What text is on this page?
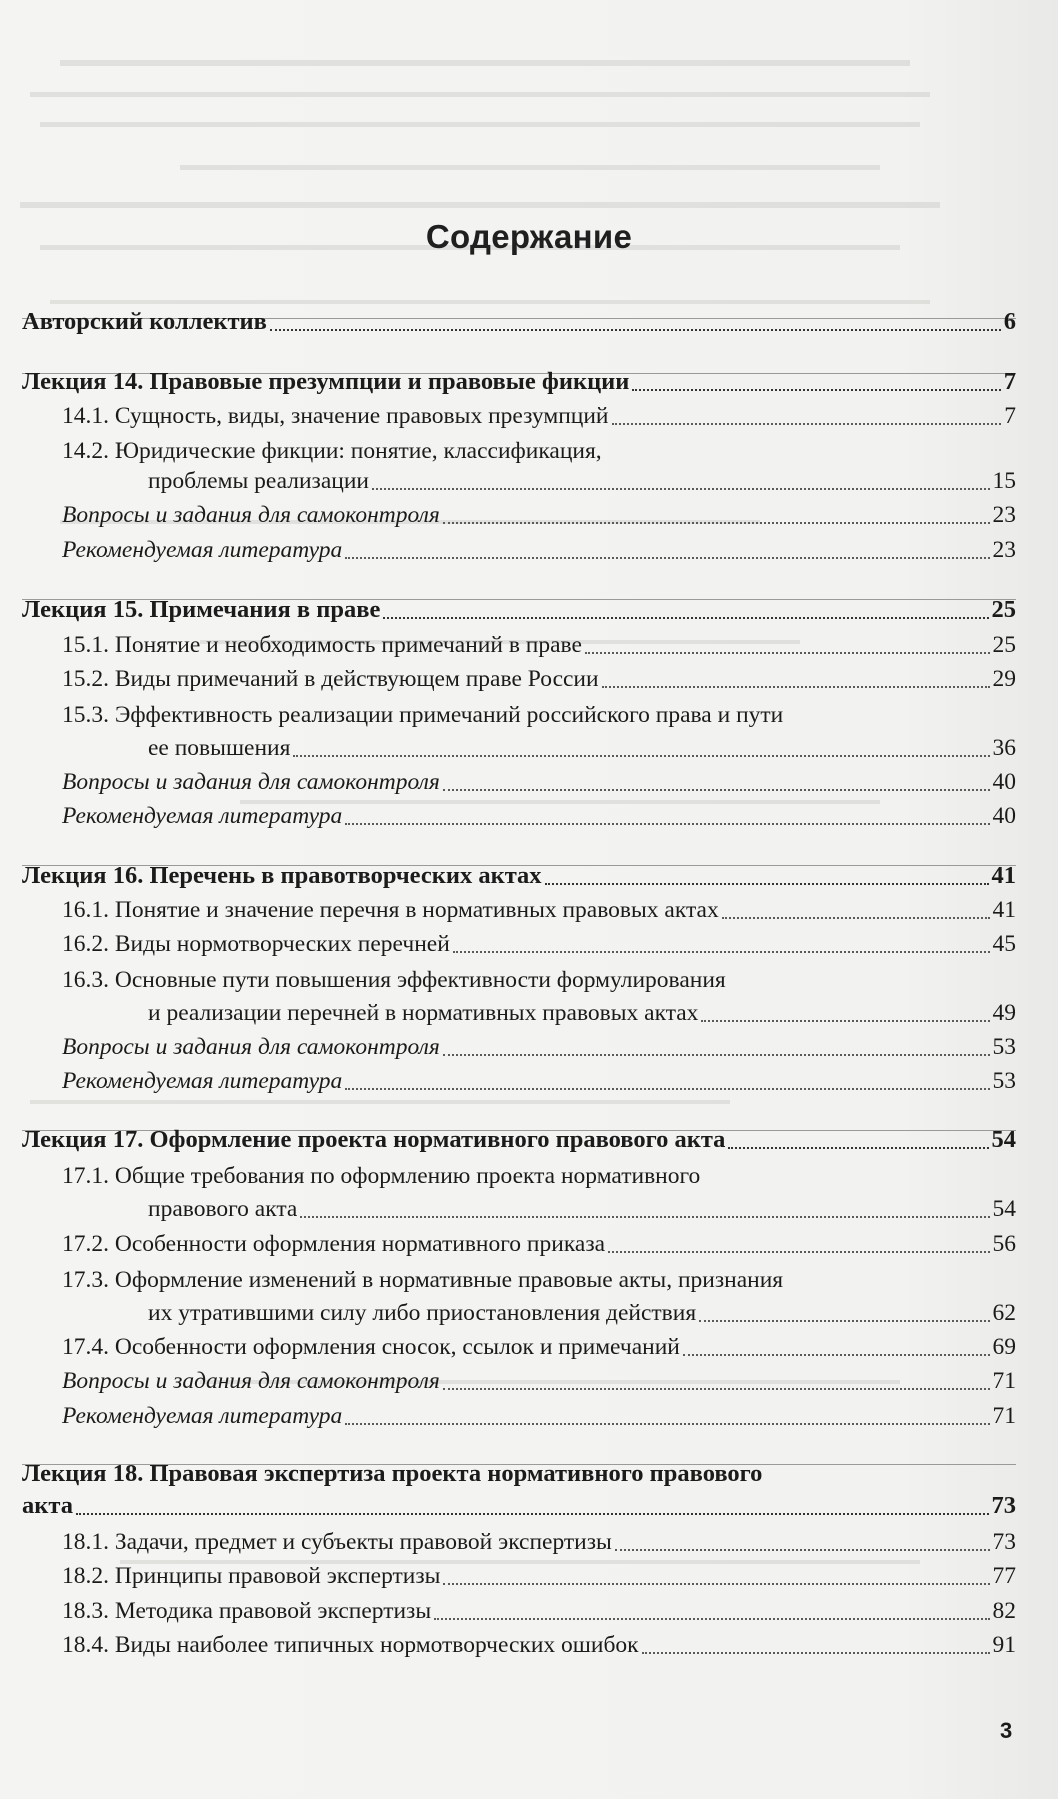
Содержание
Авторский коллектив	6
Лекция 14. Правовые презумпции и правовые фикции	7
14.1. Сущность, виды, значение правовых презумпций	7
14.2. Юридические фикции: понятие, классификация,
проблемы реализации	15
Вопросы и задания для самоконтроля	23
Рекомендуемая литература	23
Лекция 15. Примечания в праве	25
15.1. Понятие и необходимость примечаний в праве	25
15.2. Виды примечаний в действующем праве России	29
15.3. Эффективность реализации примечаний российского права и пути
ее повышения	36
Вопросы и задания для самоконтроля	40
Рекомендуемая литература	40
Лекция 16. Перечень в правотворческих актах	41
16.1. Понятие и значение перечня в нормативных правовых актах	41
16.2. Виды нормотворческих перечней	45
16.3. Основные пути повышения эффективности формулирования
и реализации перечней в нормативных правовых актах	49
Вопросы и задания для самоконтроля	53
Рекомендуемая литература	53
Лекция 17. Оформление проекта нормативного правового акта	54
17.1. Общие требования по оформлению проекта нормативного
правового акта	54
17.2. Особенности оформления нормативного приказа	56
17.3. Оформление изменений в нормативные правовые акты, признания
их утратившими силу либо приостановления действия	62
17.4. Особенности оформления сносок, ссылок и примечаний	69
Вопросы и задания для самоконтроля	71
Рекомендуемая литература	71
Лекция 18. Правовая экспертиза проекта нормативного правового
акта	73
18.1. Задачи, предмет и субъекты правовой экспертизы	73
18.2. Принципы правовой экспертизы	77
18.3. Методика правовой экспертизы	82
18.4. Виды наиболее типичных нормотворческих ошибок	91
3
